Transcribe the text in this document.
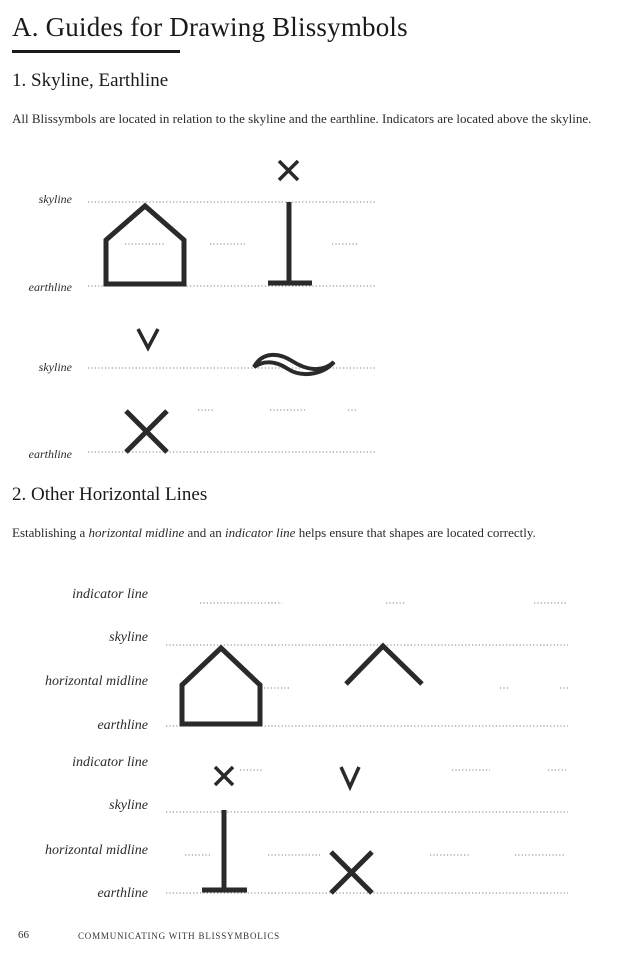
A. Guides for Drawing Blissymbols
1. Skyline, Earthline
All Blissymbols are located in relation to the skyline and the earthline. Indicators are located above the skyline.
skyline
earthline
skyline
earthline
2. Other Horizontal Lines
Establishing a horizontal midline and an indicator line helps ensure that shapes are located correctly.
indicator line
skyline
horizontal midline
earthline
indicator line
skyline
horizontal midline
earthline
66	COMMUNICATING WITH BLISSYMBOLICS
